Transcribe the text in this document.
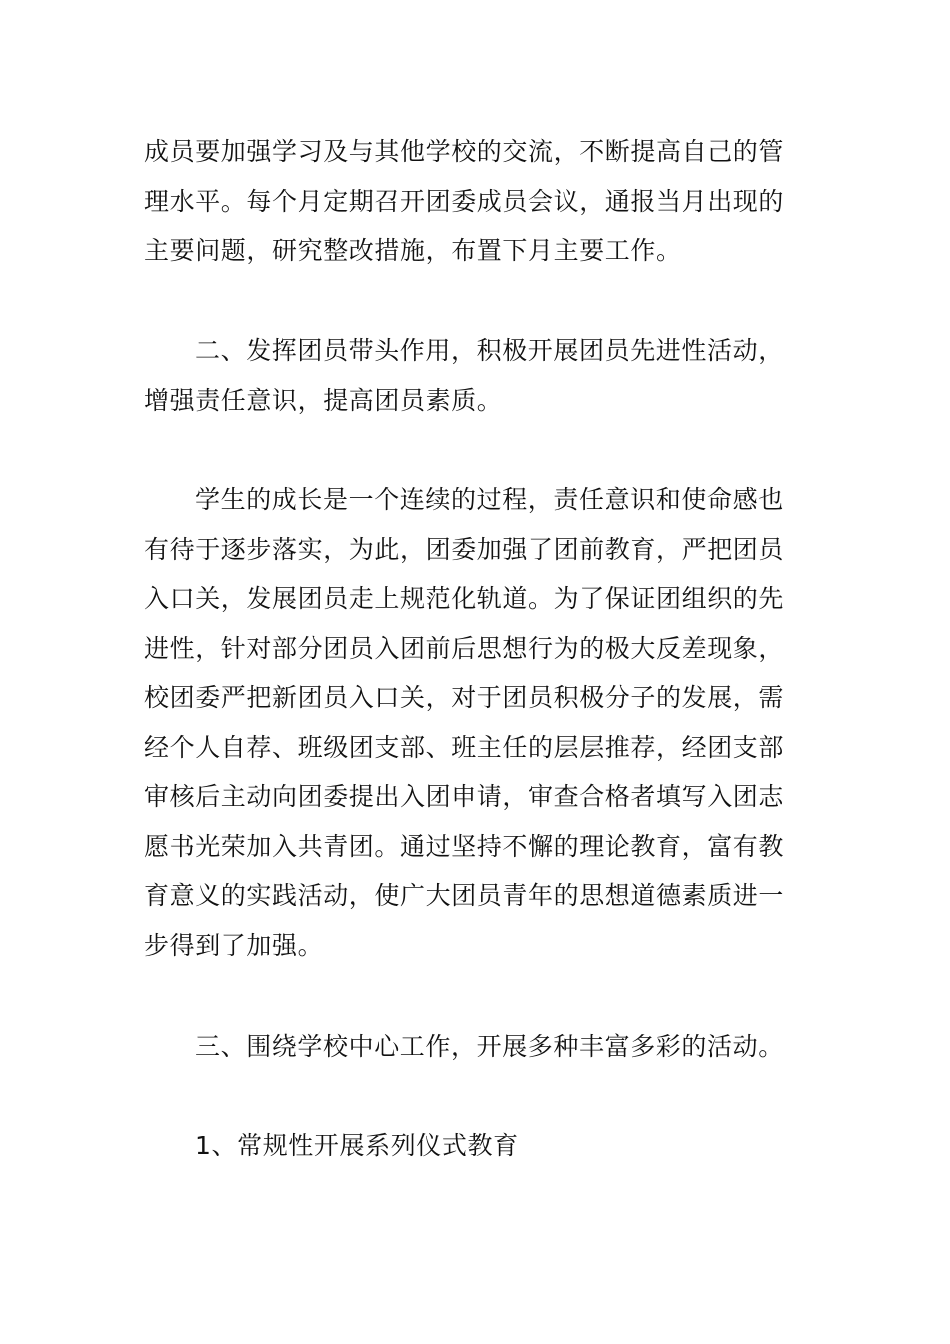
成员要加强学习及与其他学校的交流，不断提高自己的管
理水平。每个月定期召开团委成员会议，通报当月出现的
主要问题，研究整改措施，布置下月主要工作。

二、发挥团员带头作用，积极开展团员先进性活动，
增强责任意识，提高团员素质。

学生的成长是一个连续的过程，责任意识和使命感也
有待于逐步落实，为此，团委加强了团前教育，严把团员
入口关，发展团员走上规范化轨道。为了保证团组织的先
进性，针对部分团员入团前后思想行为的极大反差现象，
校团委严把新团员入口关，对于团员积极分子的发展，需
经个人自荐、班级团支部、班主任的层层推荐，经团支部
审核后主动向团委提出入团申请，审查合格者填写入团志
愿书光荣加入共青团。通过坚持不懈的理论教育，富有教
育意义的实践活动，使广大团员青年的思想道德素质进一
步得到了加强。

三、围绕学校中心工作，开展多种丰富多彩的活动。

1、常规性开展系列仪式教育
